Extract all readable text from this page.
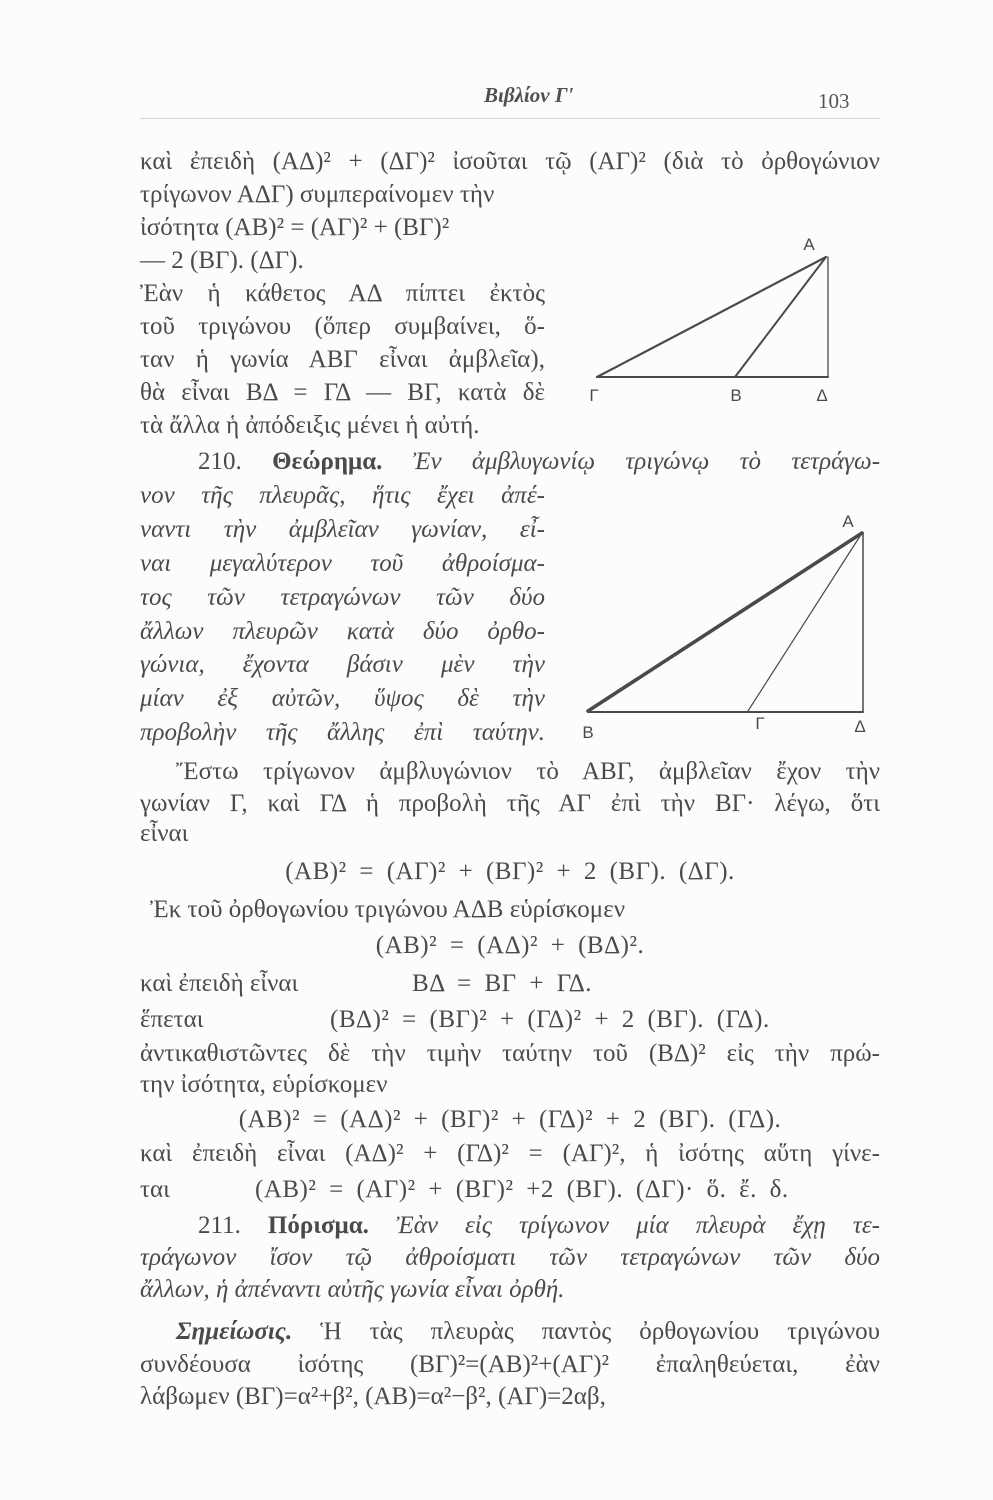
Βιβλίον Γ'	103
καὶ ἐπειδὴ (ΑΔ)² + (ΔΓ)² ἰσοῦται τῷ (ΑΓ)² (διὰ τὸ ὀρθογώνιον
τρίγωνον ΑΔΓ) συμπεραίνομεν τὴν
ἰσότητα (ΑΒ)² = (ΑΓ)² + (ΒΓ)²
— 2 (ΒΓ). (ΔΓ).
Ἐὰν ἡ κάθετος ΑΔ πίπτει ἐκτὸς
τοῦ τριγώνου (ὅπερ συμβαίνει, ὅ-
ταν ἡ γωνία ΑΒΓ εἶναι ἀμβλεῖα),
θὰ εἶναι ΒΔ = ΓΔ — ΒΓ, κατὰ δὲ
τὰ ἄλλα ἡ ἀπόδειξις μένει ἡ αὐτή.
210. Θεώρημα. Ἐν ἀμβλυγωνίῳ τριγώνῳ τὸ τετράγω-
νον τῆς πλευρᾶς, ἥτις ἔχει ἀπέ-
ναντι τὴν ἀμβλεῖαν γωνίαν, εἶ-
ναι μεγαλύτερον τοῦ ἀθροίσμα-
τος τῶν τετραγώνων τῶν δύο
ἄλλων πλευρῶν κατὰ δύο ὀρθο-
γώνια, ἔχοντα βάσιν μὲν τὴν
μίαν ἐξ αὐτῶν, ὕψος δὲ τὴν
προβολὴν τῆς ἄλλης ἐπὶ ταύτην.
Ἔστω τρίγωνον ἀμβλυγώνιον τὸ ΑΒΓ, ἀμβλεῖαν ἔχον τὴν
γωνίαν Γ, καὶ ΓΔ ἡ προβολὴ τῆς ΑΓ ἐπὶ τὴν ΒΓ· λέγω, ὅτι
εἶναι
(ΑΒ)² = (ΑΓ)² + (ΒΓ)² + 2 (ΒΓ). (ΔΓ).
Ἐκ τοῦ ὀρθογωνίου τριγώνου ΑΔΒ εὑρίσκομεν
(ΑΒ)² = (ΑΔ)² + (ΒΔ)².
καὶ ἐπειδὴ εἶναι	ΒΔ = ΒΓ + ΓΔ.
ἕπεται	(ΒΔ)² = (ΒΓ)² + (ΓΔ)² + 2 (ΒΓ). (ΓΔ).
ἀντικαθιστῶντες δὲ τὴν τιμὴν ταύτην τοῦ (ΒΔ)² εἰς τὴν πρώ-
την ἰσότητα, εὑρίσκομεν
(ΑΒ)² = (ΑΔ)² + (ΒΓ)² + (ΓΔ)² + 2 (ΒΓ). (ΓΔ).
καὶ ἐπειδὴ εἶναι (ΑΔ)² + (ΓΔ)² = (ΑΓ)², ἡ ἰσότης αὕτη γίνε-
ται	(ΑΒ)² = (ΑΓ)² + (ΒΓ)² +2 (ΒΓ). (ΔΓ)· ὅ. ἔ. δ.
211. Πόρισμα. Ἐὰν εἰς τρίγωνον μία πλευρὰ ἔχῃ τε-
τράγωνον ἴσον τῷ ἀθροίσματι τῶν τετραγώνων τῶν δύο
ἄλλων, ἡ ἀπέναντι αὐτῆς γωνία εἶναι ὀρθή.
Σημείωσις. Ἡ τὰς πλευρὰς παντὸς ὀρθογωνίου τριγώνου
συνδέουσα ἰσότης (ΒΓ)²=(ΑΒ)²+(ΑΓ)² ἐπαληθεύεται, ἐὰν
λάβωμεν (ΒΓ)=α²+β², (ΑΒ)=α²−β², (ΑΓ)=2αβ,
Α
Γ	Β	Δ
Α
Β	Γ	Δ
